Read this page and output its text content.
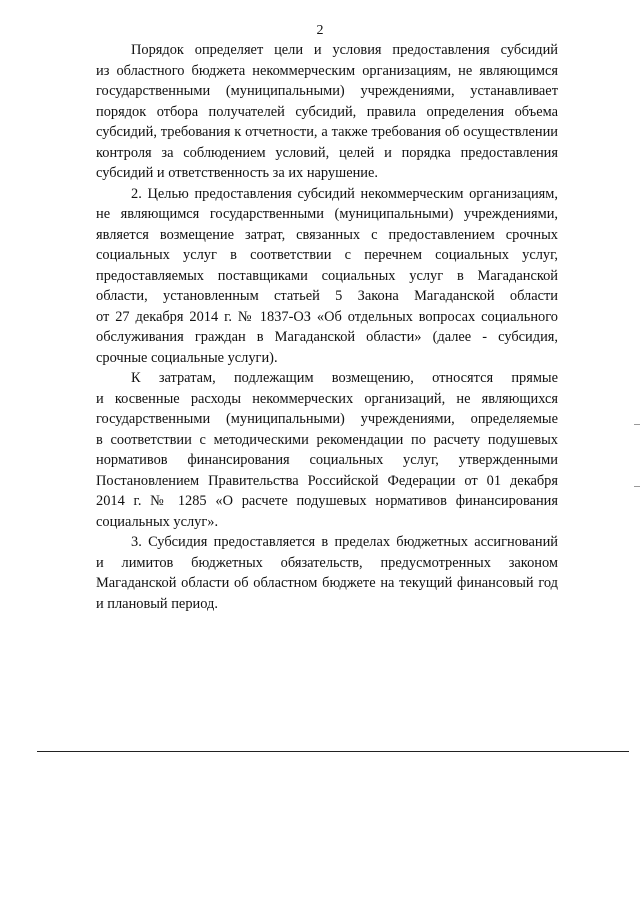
2

Порядок определяет цели и условия предоставления субсидий
из областного бюджета некоммерческим организациям, не являющимся
государственными (муниципальными) учреждениями, устанавливает
порядок отбора получателей субсидий, правила определения объема
субсидий, требования к отчетности, а также требования об осуществлении
контроля за соблюдением условий, целей и порядка предоставления
субсидий и ответственность за их нарушение.

2. Целью предоставления субсидий некоммерческим организациям,
не являющимся государственными (муниципальными) учреждениями,
является возмещение затрат, связанных с предоставлением срочных
социальных услуг в соответствии с перечнем социальных услуг,
предоставляемых поставщиками социальных услуг в Магаданской
области, установленным статьей 5 Закона Магаданской области
от 27 декабря 2014 г. № 1837-ОЗ «Об отдельных вопросах социального
обслуживания граждан в Магаданской области» (далее - субсидия,
срочные социальные услуги).

К затратам, подлежащим возмещению, относятся прямые
и косвенные расходы некоммерческих организаций, не являющихся
государственными (муниципальными) учреждениями, определяемые
в соответствии с методическими рекомендации по расчету подушевых
нормативов финансирования социальных услуг, утвержденными
Постановлением Правительства Российской Федерации от 01 декабря
2014 г. № 1285 «О расчете подушевых нормативов финансирования
социальных услуг».

3. Субсидия предоставляется в пределах бюджетных ассигнований
и лимитов бюджетных обязательств, предусмотренных законом
Магаданской области об областном бюджете на текущий финансовый год
и плановый период.
